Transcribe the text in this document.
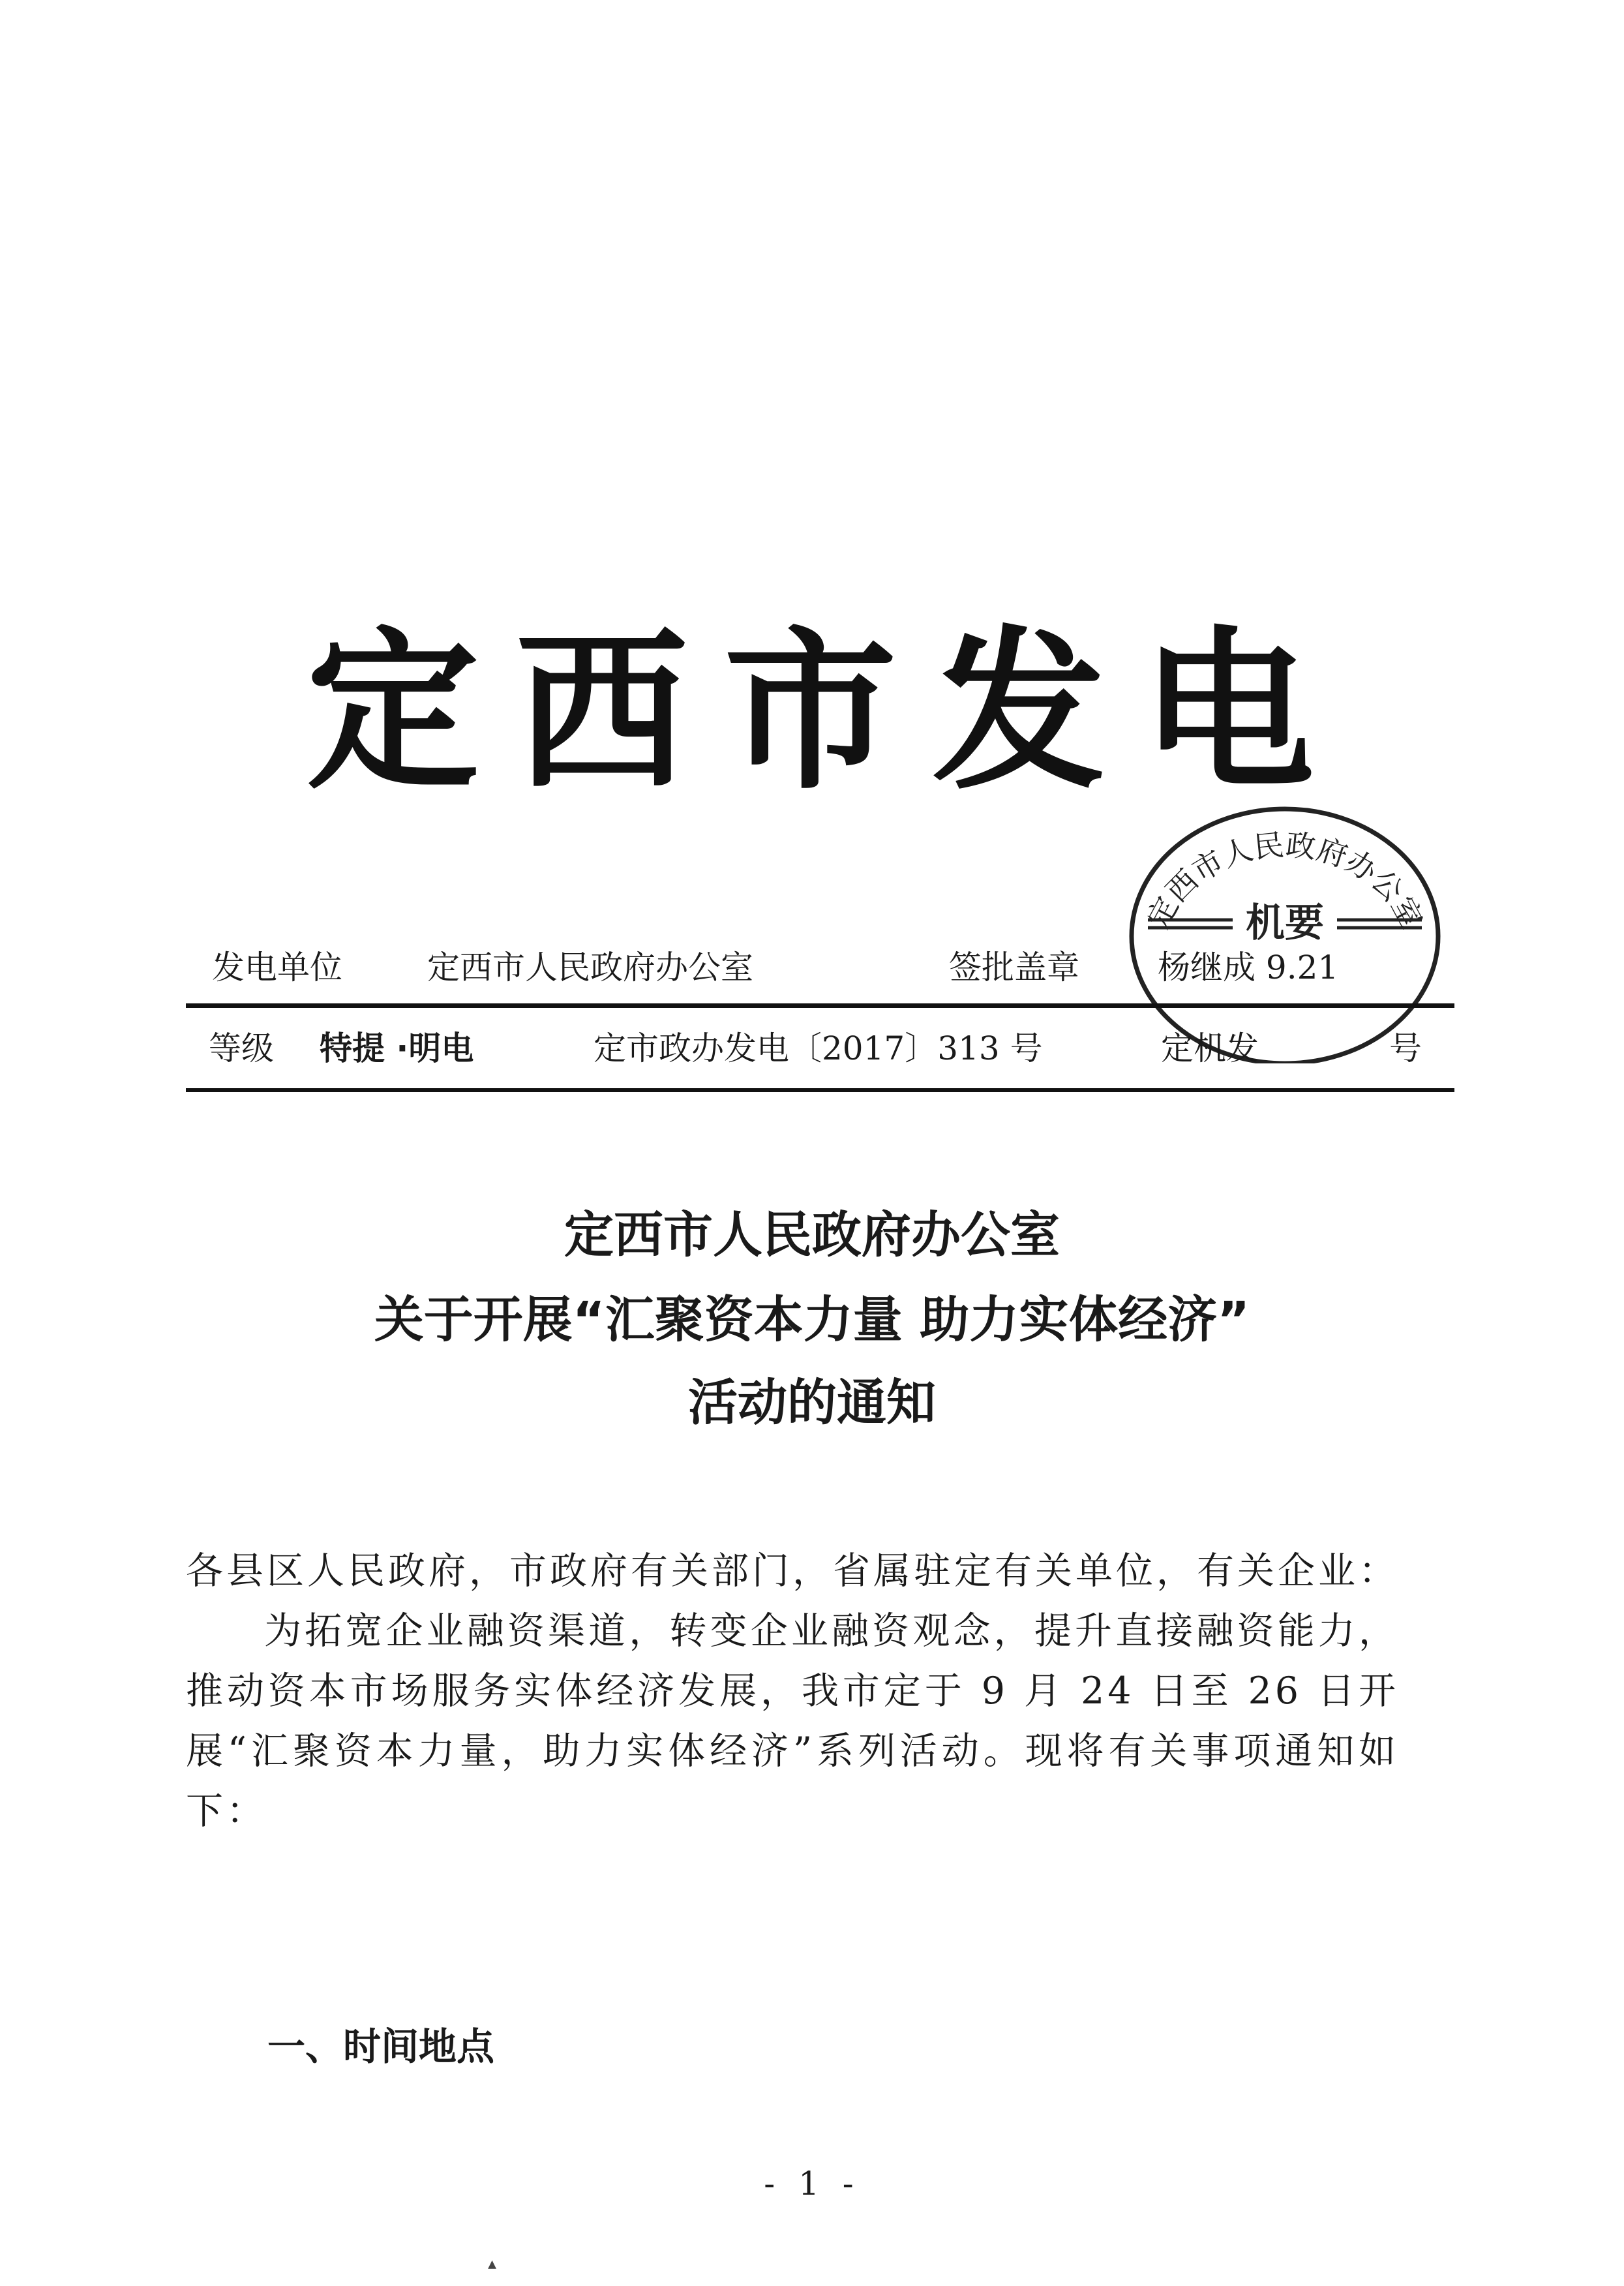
定西市发电
定西市人民政府办公室
机要
发电单位	定西市人民政府办公室	签批盖章 杨继成 9.21
等级 特提 ·明电	定市政办发电〔2017〕313 号	定机发	号
定西市人民政府办公室
关于开展“汇聚资本力量 助力实体经济”
活动的通知

各县区人民政府，市政府有关部门，省属驻定有关单位，有关企业：

为拓宽企业融资渠道，转变企业融资观念，提升直接融资能力，推动资本市场服务实体经济发展，我市定于 9 月 24 日至 26 日开展“汇聚资本力量，助力实体经济”系列活动。现将有关事项通知如下：

一、时间地点
- 1 -
▴
